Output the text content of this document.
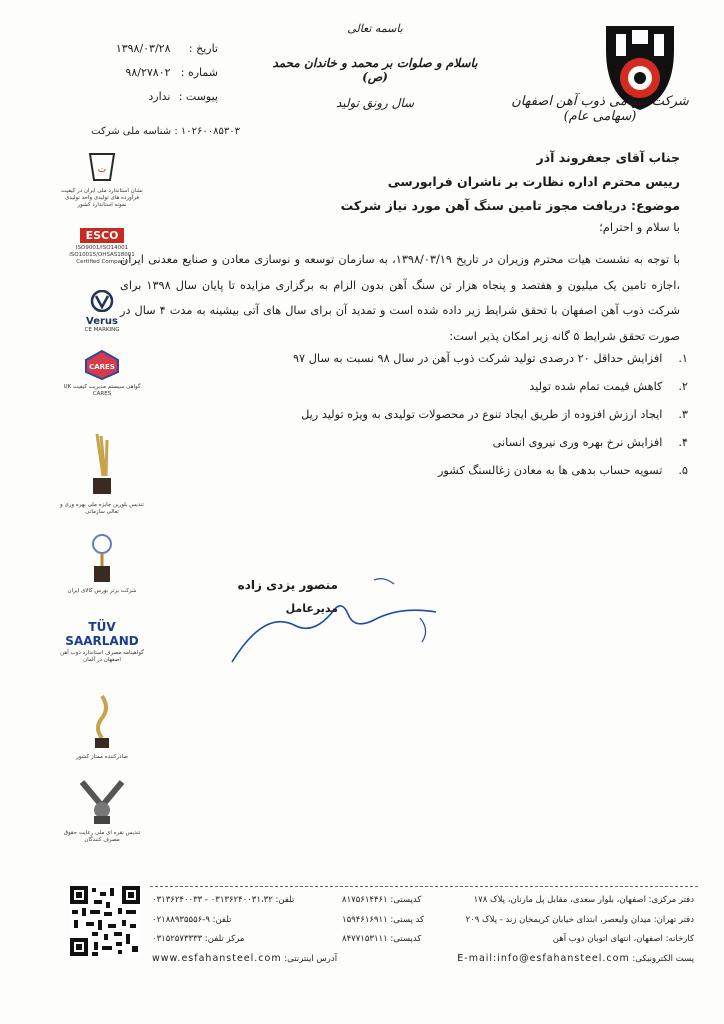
شرکت سهامی ذوب آهن اصفهان (سهامی عام)
باسمه تعالی
باسلام و صلوات بر محمد و خاندان محمد (ص)
سال رونق تولید
تاریخ : ۱۳۹۸/۰۳/۲۸
شماره : ۹۸/۲۷۸۰۲
پیوست : ندارد
۱۰۲۶۰۰۸۵۳۰۳ : شناسه ملی شرکت
جناب آقای جعفروند آذر
رییس محترم اداره نظارت بر ناشران فرابورسی
موضوع: دریافت مجوز تامین سنگ آهن مورد نیاز شرکت
با سلام و احترام؛
با توجه به نشست هیات محترم وزیران در تاریخ ۱۳۹۸/۰۳/۱۹، به سازمان توسعه و نوسازی معادن و صنایع معدنی ایران ،اجازه تامین یک میلیون و هفتصد و پنجاه هزار تن سنگ آهن بدون الزام به برگزاری مزایده تا پایان سال ۱۳۹۸ برای شرکت ذوب آهن اصفهان با تحقق شرایط زیر داده شده است و تمدید آن برای سال های آتی بیشینه به مدت ۴ سال در صورت تحقق شرایط ۵ گانه زیر امکان پذیر است:
۱. افزایش حداقل ۲۰ درصدی تولید شرکت ذوب آهن در سال ۹۸ نسبت به سال ۹۷
۲. کاهش قیمت تمام شده تولید
۳. ایجاد ارزش افزوده از طریق ایجاد تنوع در محصولات تولیدی به ویژه تولید ریل
۴. افزایش نرخ بهره وری نیروی انسانی
۵. تسویه حساب بدهی ها به معادن زغالسنگ کشور
منصور یزدی زاده
مدیرعامل
ت
نشان استاندارد ملی ایران در کیفیت فرآورده های تولیدی واحد تولیدی نمونه استاندارد کشور
ESCO
ISO9001/ISO14001 ISO10015/OHSAS18001 Certified Company
Verus
CE MARKING
CARES
گواهی سیستم مدیریت کیفیت UK CARES
تندیس بلورین جایزه ملی بهره وری و تعالی سازمانی
شرکت برتر بورس کالای ایران
TÜV SAARLAND
گواهینامه مصرف استاندارد ذوب آهن اصفهان در آلمان
صادرکننده ممتاز کشور
تندیس نقره ای ملی رعایت حقوق مصرف کنندگان
دفتر مرکزی: اصفهان، بلوار سعدی، مقابل پل مارنان، پلاک ۱۷۸
دفتر تهران: میدان ولیعصر، ابتدای خیابان کریمخان زند - پلاک ۲۰۹
کارخانه: اصفهان، انتهای اتوبان ذوب آهن
کدپستی: ۸۱۷۵۶۱۴۴۶۱
کد پستی: ۱۵۹۴۶۱۶۹۱۱
کدپستی: ۸۴۷۷۱۵۳۱۱۱
تلفن: ۰۳۱۳۶۲۴۰۰۳۱،۳۲ - ۰۳۱۳۶۲۴۰۰۳۳
تلفن: ۹-۰۲۱۸۸۹۳۵۵۵۶
مرکز تلفن: ۰۳۱۵۲۵۷۳۳۳۳
پست الکترونیکی: E-mail:info@esfahansteel.com
آدرس اینترنتی: www.esfahansteel.com
